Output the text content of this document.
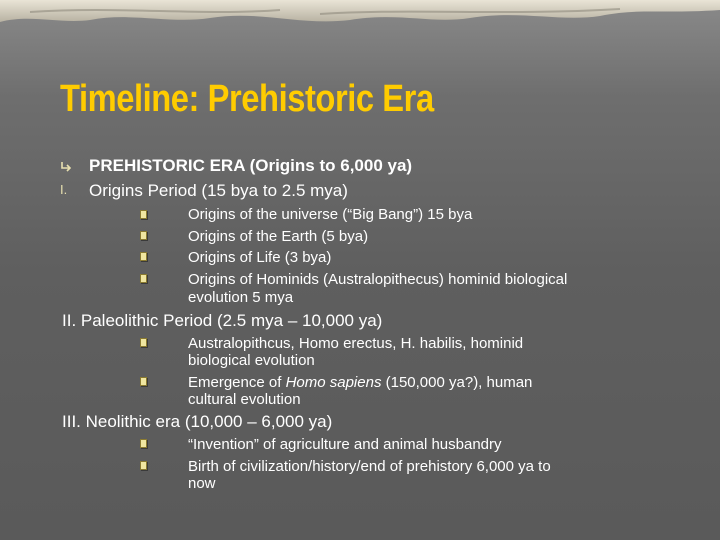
Timeline: Prehistoric Era
PREHISTORIC ERA (Origins to 6,000 ya)
I. Origins Period (15 bya to 2.5 mya)
Origins of the universe (“Big Bang”) 15 bya
Origins of the Earth (5 bya)
Origins of Life (3 bya)
Origins of Hominids (Australopithecus) hominid biological
evolution 5 mya
II. Paleolithic Period (2.5 mya – 10,000 ya)
Australopithcus, Homo erectus, H. habilis, hominid
biological evolution
Emergence of Homo sapiens (150,000 ya?), human
cultural evolution
III. Neolithic era (10,000 – 6,000 ya)
“Invention” of agriculture and animal husbandry
Birth of civilization/history/end of prehistory 6,000 ya to
now
